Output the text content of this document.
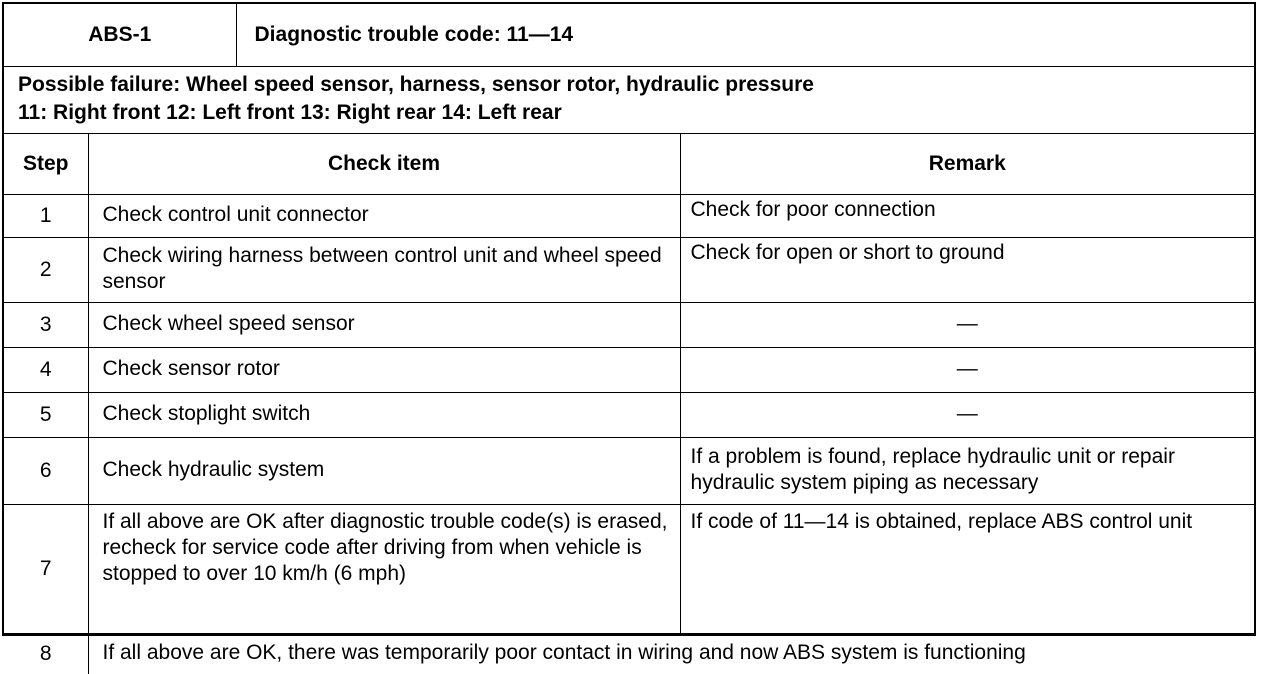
ABS-1		Diagnostic trouble code: 11—14	

Possible failure: Wheel speed sensor, harness, sensor rotor, hydraulic pressure
11: Right front 12: Left front 13: Right rear 14: Left rear			

Step	Check item		Remark
1	Check control unit connector		Check for poor connection
2	Check wiring harness between control unit and wheel speed sensor		Check for open or short to ground
3	Check wheel speed sensor		—
4	Check sensor rotor		—
5	Check stoplight switch		—
6	Check hydraulic system		If a problem is found, replace hydraulic unit or repair hydraulic system piping as necessary
7	If all above are OK after diagnostic trouble code(s) is erased, recheck for service code after driving from when vehicle is stopped to over 10 km/h (6 mph)		If code of 11—14 is obtained, replace ABS control unit
8	If all above are OK, there was temporarily poor contact in wiring and now ABS system is functioning		
